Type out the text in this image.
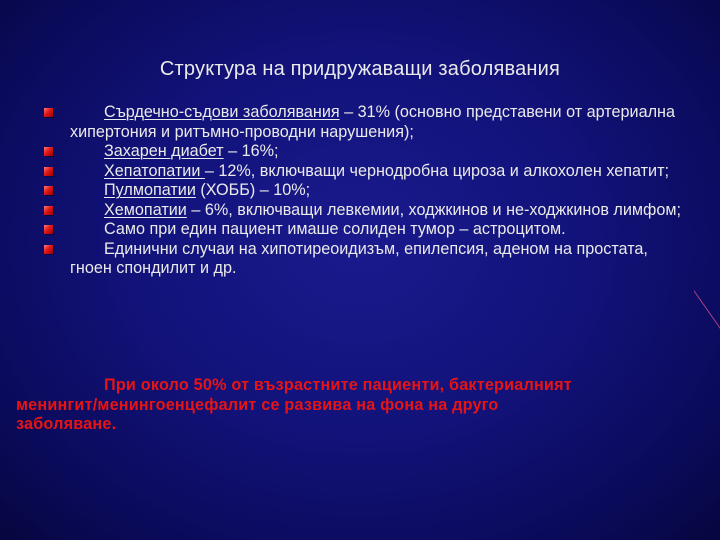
Структура на придружаващи заболявания
Сърдечно-съдови заболявания – 31% (основно представени от артериална хипертония и ритъмно-проводни нарушения);
Захарен диабет – 16%;
Хепатопатии – 12%, включващи чернодробна цироза и алкохолен хепатит;
Пулмопатии (ХОББ) – 10%;
Хемопатии – 6%, включващи левкемии, ходжкинов и не-ходжкинов лимфом;
Само при един пациент имаше солиден тумор – астроцитом.
Единични случаи на хипотиреоидизъм, епилепсия, аденом на простата, гноен спондилит и др.
При около 50% от възрастните пациенти, бактериалният
менингит/менингоенцефалит се развива на фона на друго
заболяване.
